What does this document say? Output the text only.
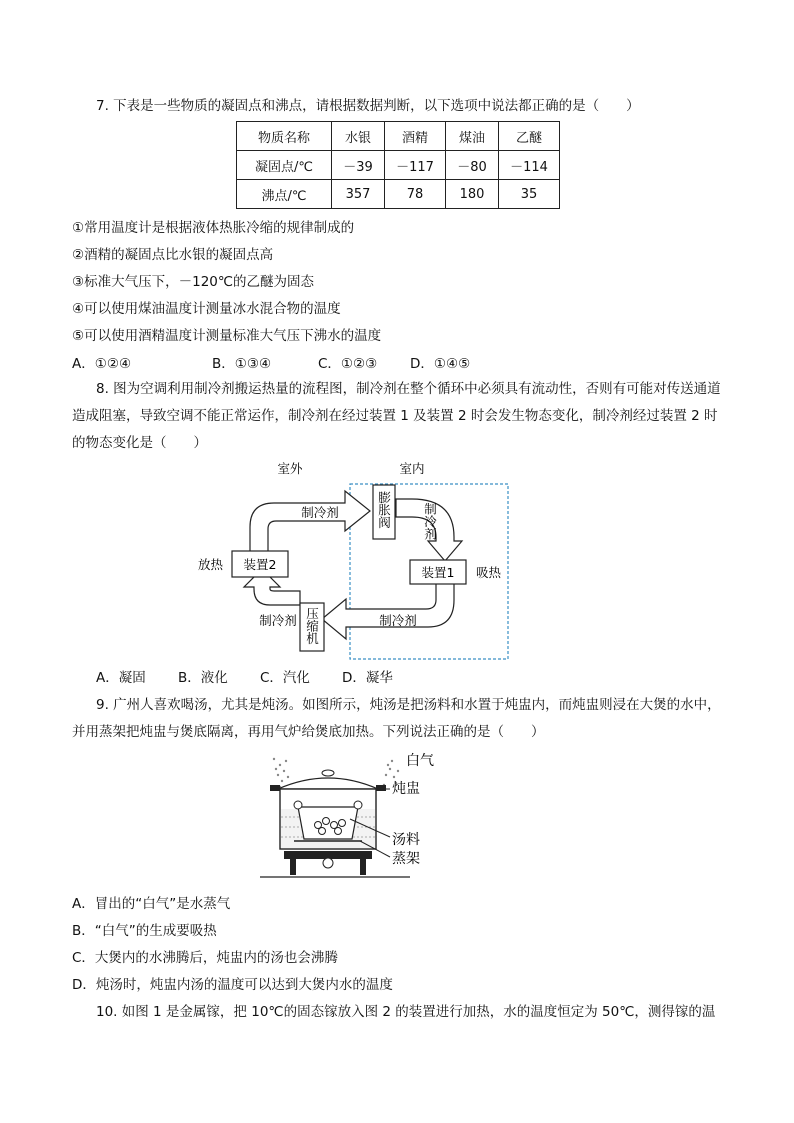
7. 下表是一些物质的凝固点和沸点，请根据数据判断，以下选项中说法都正确的是（　　）
物质名称	水银	酒精	煤油	乙醚
凝固点/℃	－39	－117	－80	－114
沸点/℃	357	78	180	35
①常用温度计是根据液体热胀冷缩的规律制成的
②酒精的凝固点比水银的凝固点高
③标准大气压下，－120℃的乙醚为固态
④可以使用煤油温度计测量冰水混合物的温度
⑤可以使用酒精温度计测量标准大气压下沸水的温度
A．①②④	B．①③④	C．①②③ D．①④⑤
8. 图为空调利用制冷剂搬运热量的流程图，制冷剂在整个循环中必须具有流动性，否则有可能对传送通道造成阻塞，导致空调不能正常运作，制冷剂在经过装置 1 及装置 2 时会发生物态变化，制冷剂经过装置 2 时的物态变化是（　　）
室外	室内
装置2
装置1
放热
吸热
制冷剂
制冷剂
制冷剂
制冷剂
膨胀阀
压缩机
A．凝固 B．液化 C．汽化 D．凝华
9. 广州人喜欢喝汤，尤其是炖汤。如图所示，炖汤是把汤料和水置于炖盅内，而炖盅则浸在大煲的水中，并用蒸架把炖盅与煲底隔离，再用气炉给煲底加热。下列说法正确的是（　　）
白气
炖盅
汤料
蒸架
A．冒出的“白气”是水蒸气
B．“白气”的生成要吸热
C．大煲内的水沸腾后，炖盅内的汤也会沸腾
D．炖汤时，炖盅内汤的温度可以达到大煲内水的温度
10. 如图 1 是金属镓，把 10℃的固态镓放入图 2 的装置进行加热，水的温度恒定为 50℃，测得镓的温
